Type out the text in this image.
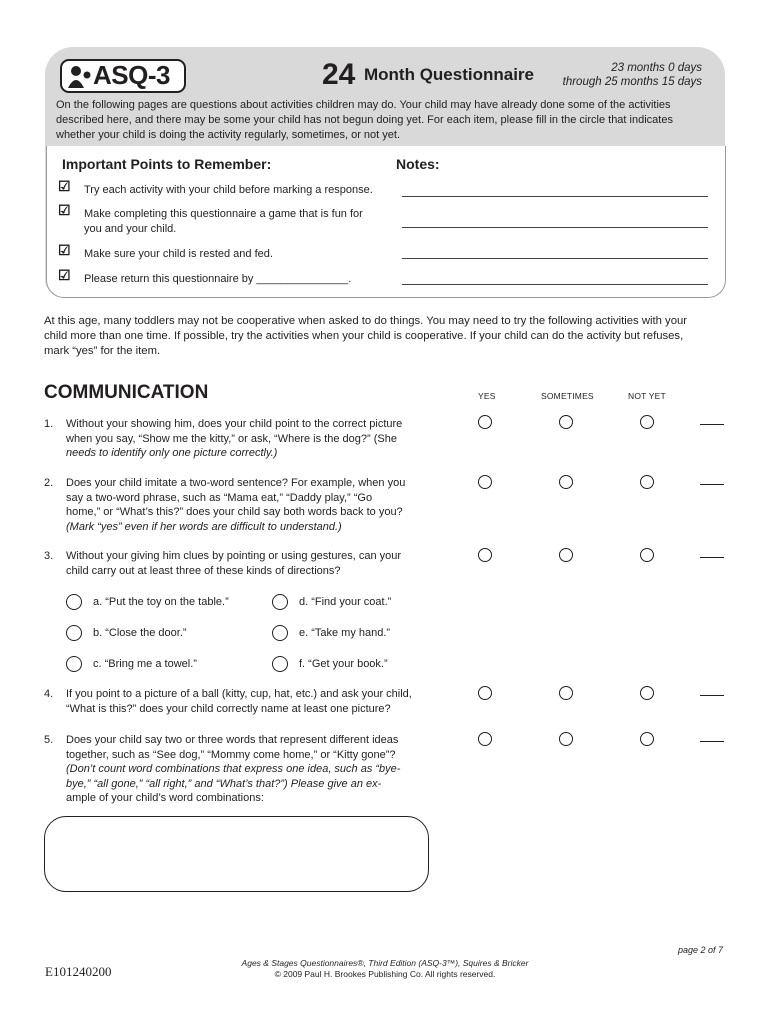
ASQ-3	24 Month Questionnaire	23 months 0 days
through 25 months 15 days
On the following pages are questions about activities children may do. Your child may have already done some of the activities
described here, and there may be some your child has not begun doing yet. For each item, please fill in the circle that indicates
whether your child is doing the activity regularly, sometimes, or not yet.
Important Points to Remember:	Notes:
☑ Try each activity with your child before marking a response.
☑ Make completing this questionnaire a game that is fun for
you and your child.
☑ Make sure your child is rested and fed.
☑ Please return this questionnaire by _______________.
At this age, many toddlers may not be cooperative when asked to do things. You may need to try the following activities with your
child more than one time. If possible, try the activities when your child is cooperative. If your child can do the activity but refuses,
mark “yes” for the item.
COMMUNICATION	YES	SOMETIMES	NOT YET
1. Without your showing him, does your child point to the correct picture
when you say, “Show me the kitty,” or ask, “Where is the dog?” (She
needs to identify only one picture correctly.)
2. Does your child imitate a two-word sentence? For example, when you
say a two-word phrase, such as “Mama eat,” “Daddy play,” “Go
home,” or “What’s this?” does your child say both words back to you?
(Mark “yes” even if her words are difficult to understand.)
3. Without your giving him clues by pointing or using gestures, can your
child carry out at least three of these kinds of directions?
4. If you point to a picture of a ball (kitty, cup, hat, etc.) and ask your child,
“What is this?” does your child correctly name at least one picture?
5. Does your child say two or three words that represent different ideas
together, such as “See dog,” “Mommy come home,” or “Kitty gone”?
(Don’t count word combinations that express one idea, such as “bye-
bye,” “all gone,” “all right,” and “What’s that?”) Please give an ex-
ample of your child’s word combinations:
a. “Put the toy on the table.”	d. “Find your coat.”
b. “Close the door.”	e. “Take my hand.”
c. “Bring me a towel.”	f. “Get your book.”
page 2 of 7
E101240200
Ages & Stages Questionnaires®, Third Edition (ASQ-3™), Squires & Bricker
© 2009 Paul H. Brookes Publishing Co. All rights reserved.
